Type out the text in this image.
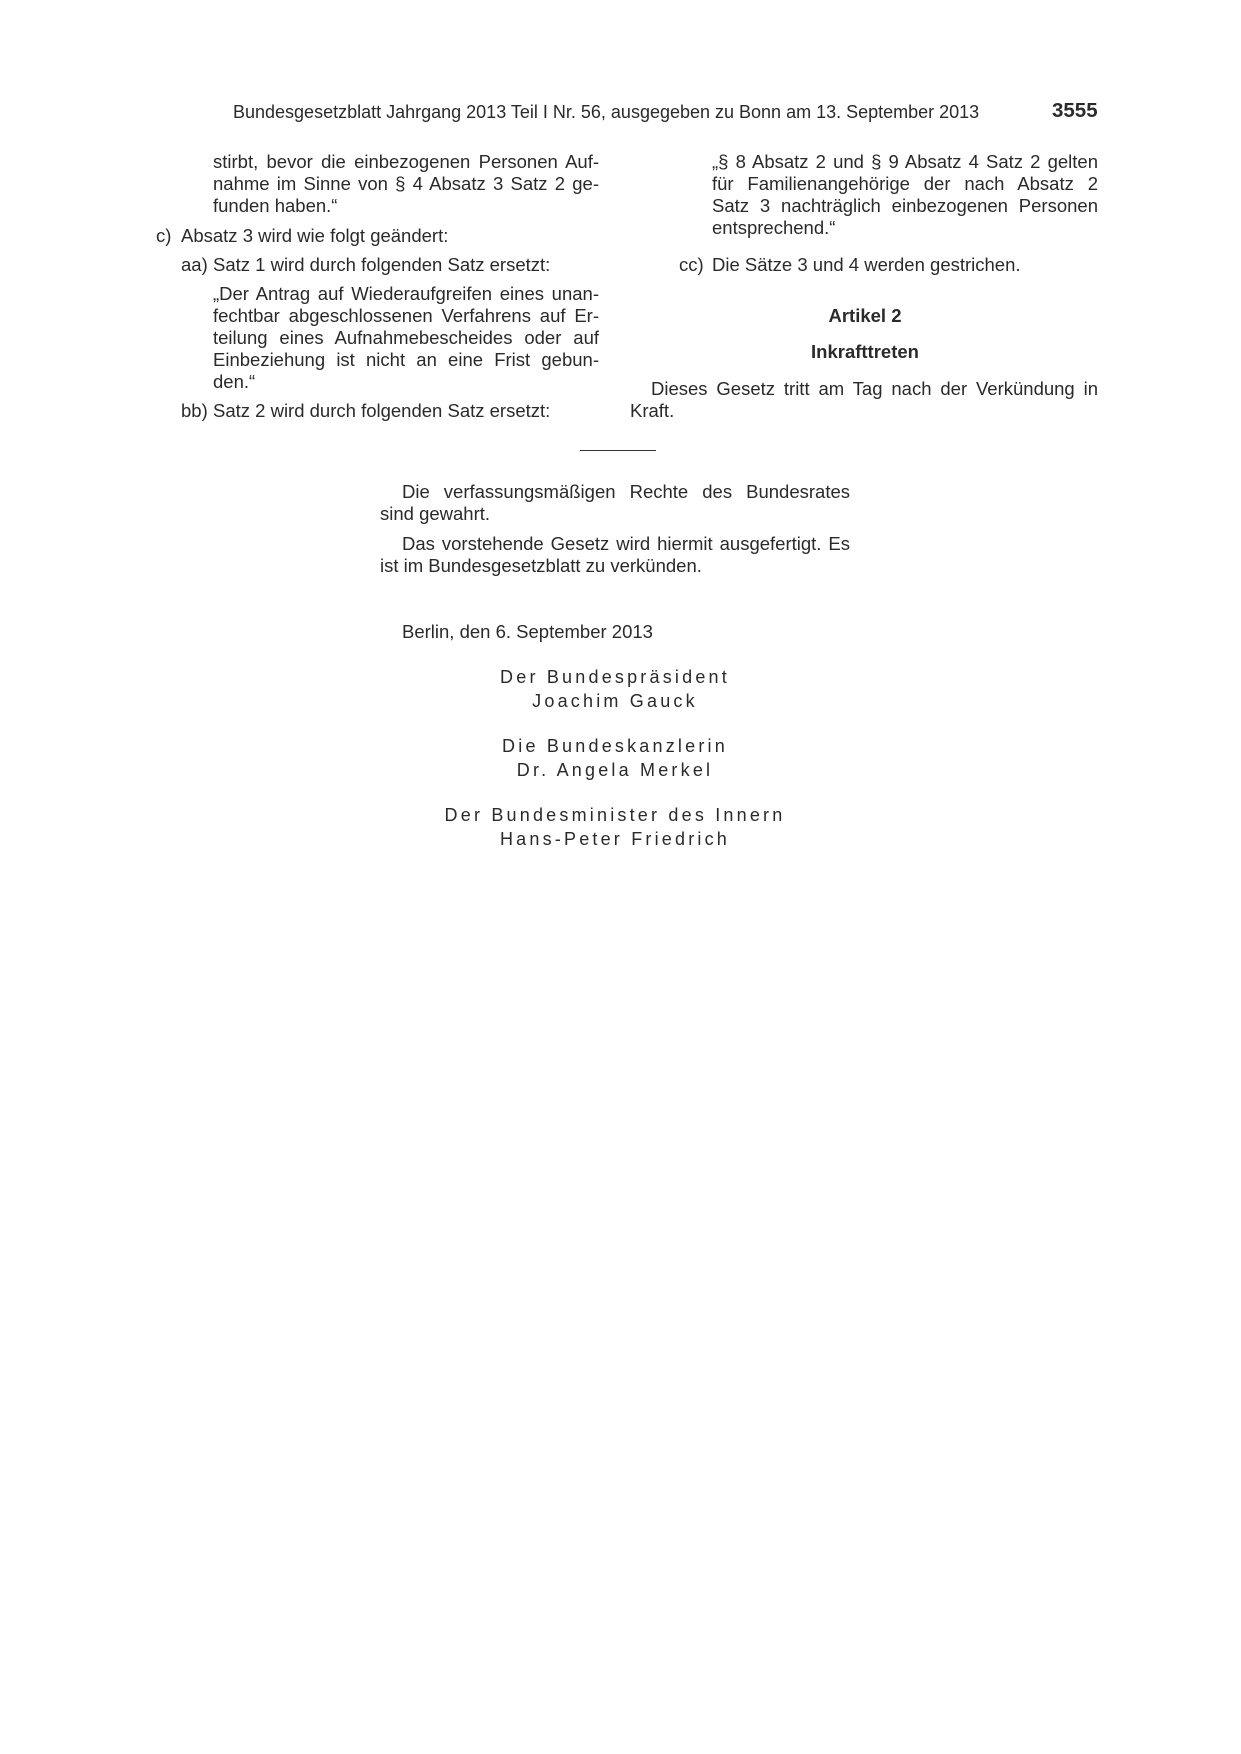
Bundesgesetzblatt Jahrgang 2013 Teil I Nr. 56, ausgegeben zu Bonn am 13. September 2013	3555
stirbt, bevor die einbezogenen Personen Auf-
nahme im Sinne von § 4 Absatz 3 Satz 2 ge-
funden haben.“
c) Absatz 3 wird wie folgt geändert:
aa) Satz 1 wird durch folgenden Satz ersetzt:
„Der Antrag auf Wiederaufgreifen eines unan-
fechtbar abgeschlossenen Verfahrens auf Er-
teilung eines Aufnahmebescheides oder auf
Einbeziehung ist nicht an eine Frist gebun-
den.“
bb) Satz 2 wird durch folgenden Satz ersetzt:
„§ 8 Absatz 2 und § 9 Absatz 4 Satz 2 gelten
für Familienangehörige der nach Absatz 2
Satz 3 nachträglich einbezogenen Personen
entsprechend.“
cc) Die Sätze 3 und 4 werden gestrichen.
Artikel 2
Inkrafttreten
Dieses Gesetz tritt am Tag nach der Verkündung in
Kraft.
Die verfassungsmäßigen Rechte des Bundesrates
sind gewahrt.
Das vorstehende Gesetz wird hiermit ausgefertigt. Es
ist im Bundesgesetzblatt zu verkünden.
Berlin, den 6. September 2013
Der Bundespräsident
Joachim Gauck
Die Bundeskanzlerin
Dr. Angela Merkel
Der Bundesminister des Innern
Hans-Peter Friedrich
